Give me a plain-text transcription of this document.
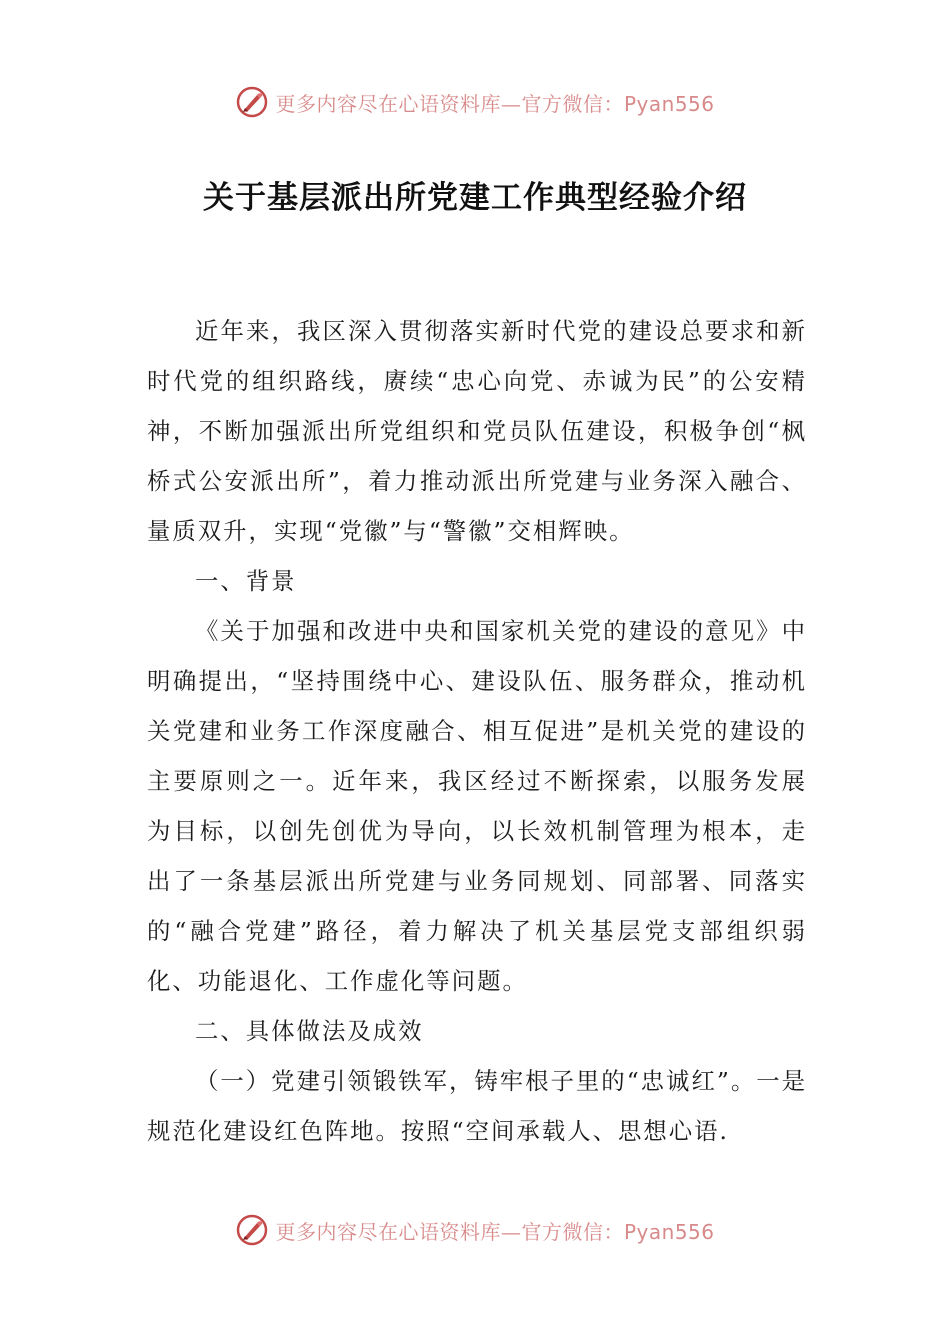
更多内容尽在心语资料库—官方微信：Pyan556
关于基层派出所党建工作典型经验介绍

近年来，我区深入贯彻落实新时代党的建设总要求和新时代党的组织路线，赓续“忠心向党、赤诚为民”的公安精神，不断加强派出所党组织和党员队伍建设，积极争创“枫桥式公安派出所”，着力推动派出所党建与业务深入融合、量质双升，实现“党徽”与“警徽”交相辉映。

一、背景

《关于加强和改进中央和国家机关党的建设的意见》中明确提出，“坚持围绕中心、建设队伍、服务群众，推动机关党建和业务工作深度融合、相互促进”是机关党的建设的主要原则之一。近年来，我区经过不断探索，以服务发展为目标，以创先创优为导向，以长效机制管理为根本，走出了一条基层派出所党建与业务同规划、同部署、同落实的“融合党建”路径，着力解决了机关基层党支部组织弱化、功能退化、工作虚化等问题。

二、具体做法及成效

（一）党建引领锻铁军，铸牢根子里的“忠诚红”。一是规范化建设红色阵地。按照“空间承载人、思想心语.

更多内容尽在心语资料库—官方微信：Pyan556
